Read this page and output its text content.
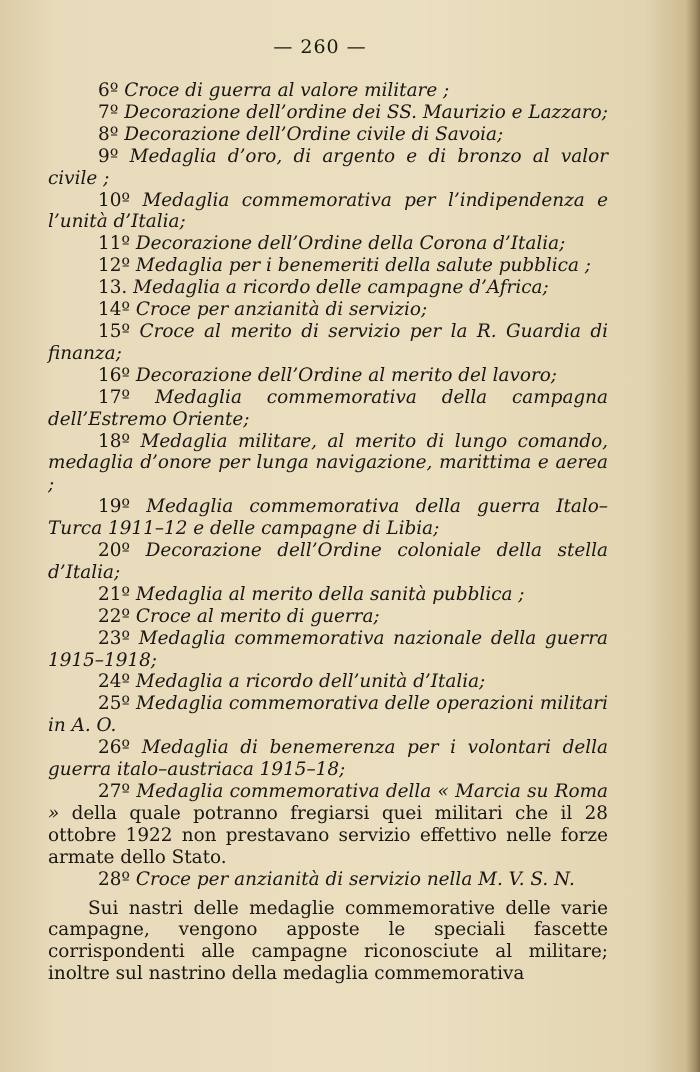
— 260 —

6º Croce di guerra al valore militare ;

7º Decorazione dell’ordine dei SS. Maurizio e Lazzaro;

8º Decorazione dell’Ordine civile di Savoia;

9º Medaglia d’oro, di argento e di bronzo al valor civile ;

10º Medaglia commemorativa per l’indipendenza e l’unità d’Italia;

11º Decorazione dell’Ordine della Corona d’Italia;

12º Medaglia per i benemeriti della salute pubblica ;

13. Medaglia a ricordo delle campagne d’Africa;

14º Croce per anzianità di servizio;

15º Croce al merito di servizio per la R. Guardia di finanza;

16º Decorazione dell’Ordine al merito del lavoro;

17º Medaglia commemorativa della campagna dell’Estremo Oriente;

18º Medaglia militare, al merito di lungo comando, medaglia d’onore per lunga navigazione, marittima e aerea ;

19º Medaglia commemorativa della guerra Italo–Turca 1911–12 e delle campagne di Libia;

20º Decorazione dell’Ordine coloniale della stella d’Italia;

21º Medaglia al merito della sanità pubblica ;

22º Croce al merito di guerra;

23º Medaglia commemorativa nazionale della guerra 1915–1918;

24º Medaglia a ricordo dell’unità d’Italia;

25º Medaglia commemorativa delle operazioni militari in A. O.

26º Medaglia di benemerenza per i volontari della guerra italo–austriaca 1915–18;

27º Medaglia commemorativa della « Marcia su Roma » della quale potranno fregiarsi quei militari che il 28 ottobre 1922 non prestavano servizio effettivo nelle forze armate dello Stato.

28º Croce per anzianità di servizio nella M. V. S. N.

Sui nastri delle medaglie commemorative delle varie campagne, vengono apposte le speciali fascette corrispondenti alle campagne riconosciute al militare; inoltre sul nastrino della medaglia commemorativa
